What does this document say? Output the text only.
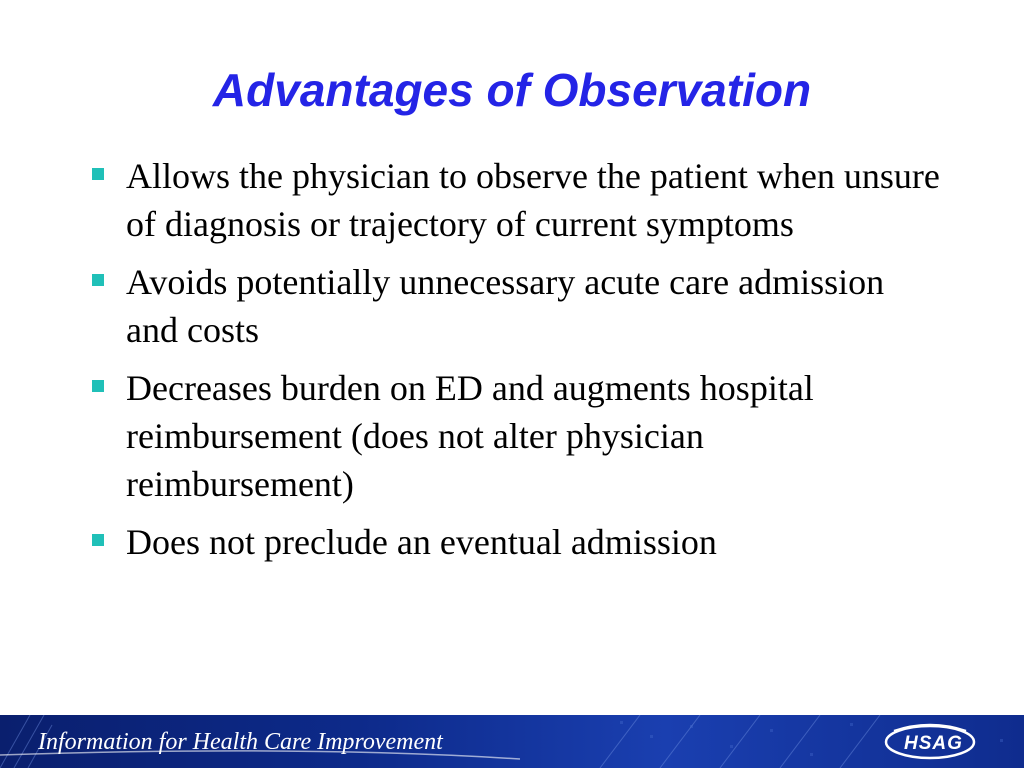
Advantages of Observation
Allows the physician to observe the patient when unsure of diagnosis or trajectory of current symptoms
Avoids potentially unnecessary acute care admission and costs
Decreases burden on ED and augments hospital reimbursement (does not alter physician reimbursement)
Does not preclude an eventual admission
Information for Health Care Improvement	HSAG
